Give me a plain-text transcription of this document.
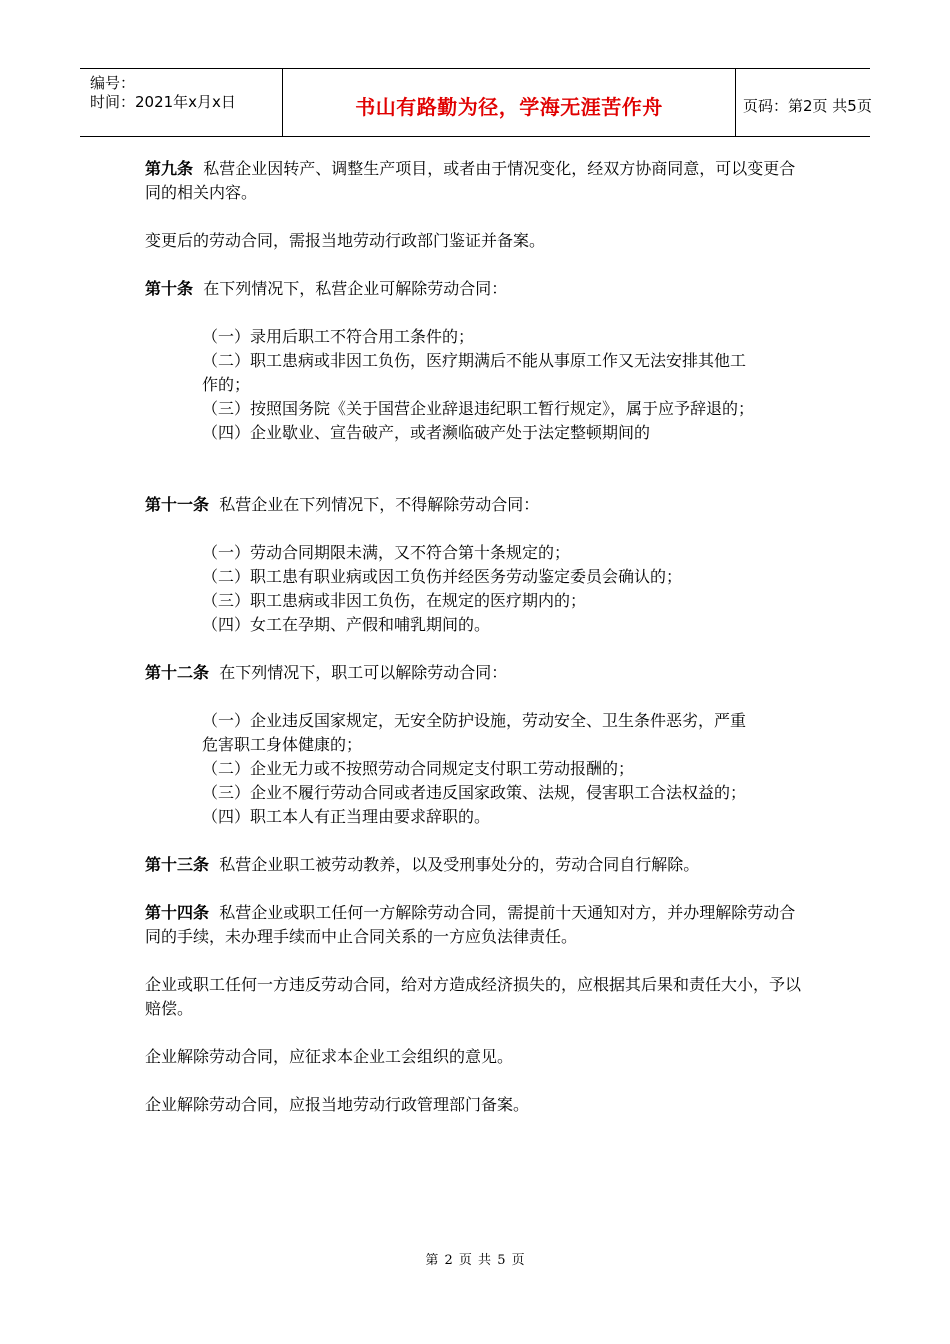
编号：
时间：2021年x月x日	书山有路勤为径，学海无涯苦作舟	页码：第2页 共5页

第九条 私营企业因转产、调整生产项目，或者由于情况变化，经双方协商同意，可以变更合同的相关内容。

变更后的劳动合同，需报当地劳动行政部门鉴证并备案。

第十条 在下列情况下，私营企业可解除劳动合同：

（一）录用后职工不符合用工条件的；

（二）职工患病或非因工负伤，医疗期满后不能从事原工作又无法安排其他工作的；

（三）按照国务院《关于国营企业辞退违纪职工暂行规定》，属于应予辞退的；

（四）企业歇业、宣告破产，或者濒临破产处于法定整顿期间的

第十一条 私营企业在下列情况下，不得解除劳动合同：

（一）劳动合同期限未满，又不符合第十条规定的；

（二）职工患有职业病或因工负伤并经医务劳动鉴定委员会确认的；

（三）职工患病或非因工负伤，在规定的医疗期内的；

（四）女工在孕期、产假和哺乳期间的。

第十二条 在下列情况下，职工可以解除劳动合同：

（一）企业违反国家规定，无安全防护设施，劳动安全、卫生条件恶劣，严重危害职工身体健康的；

（二）企业无力或不按照劳动合同规定支付职工劳动报酬的；

（三）企业不履行劳动合同或者违反国家政策、法规，侵害职工合法权益的；

（四）职工本人有正当理由要求辞职的。

第十三条 私营企业职工被劳动教养，以及受刑事处分的，劳动合同自行解除。

第十四条 私营企业或职工任何一方解除劳动合同，需提前十天通知对方，并办理解除劳动合同的手续，未办理手续而中止合同关系的一方应负法律责任。

企业或职工任何一方违反劳动合同，给对方造成经济损失的，应根据其后果和责任大小，予以赔偿。

企业解除劳动合同，应征求本企业工会组织的意见。

企业解除劳动合同，应报当地劳动行政管理部门备案。

第 2 页 共 5 页
